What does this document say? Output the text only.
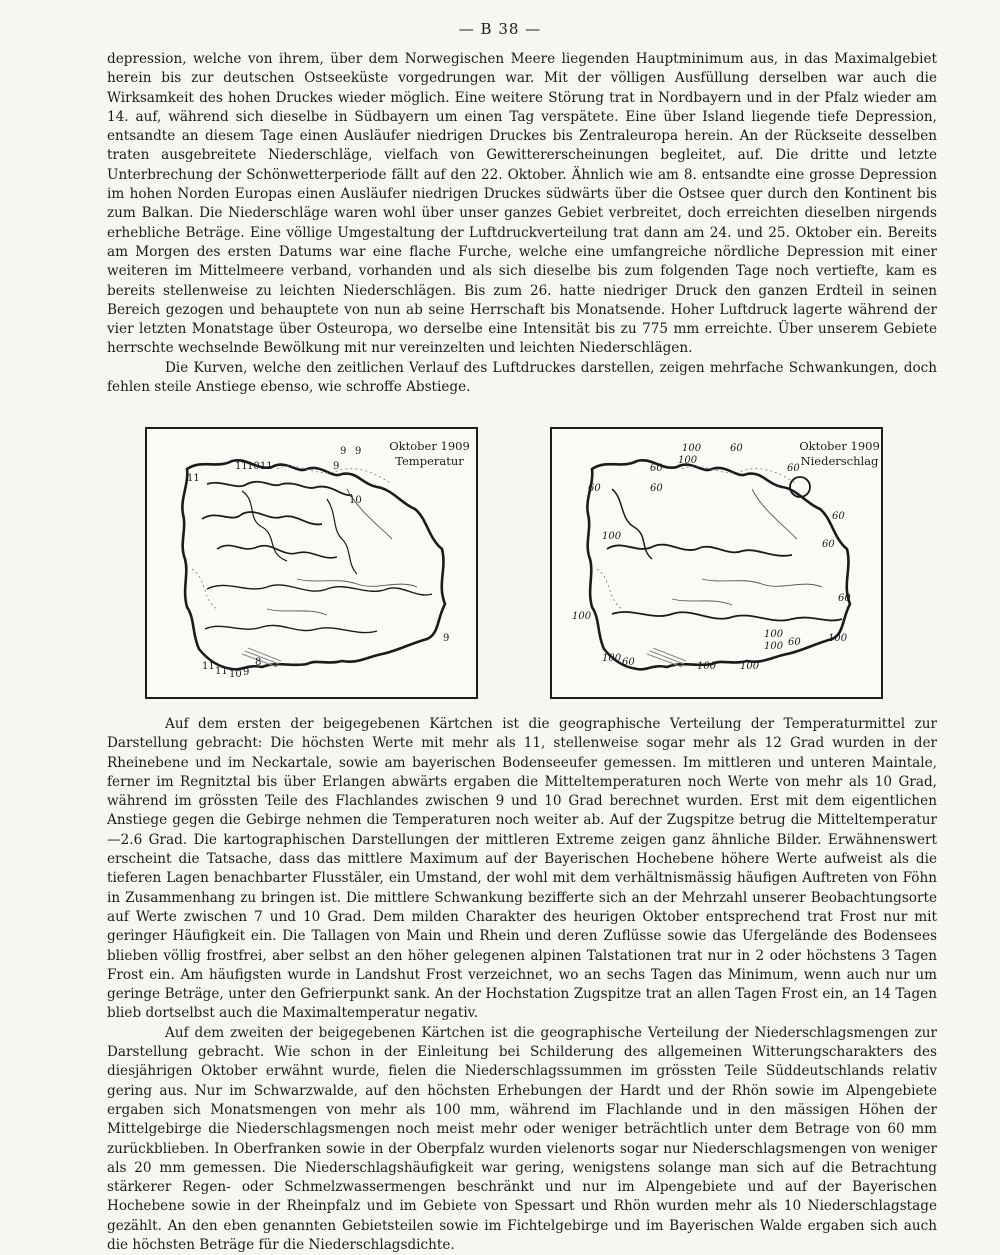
— B 38 —

depression, welche von ihrem, über dem Norwegischen Meere liegenden Hauptminimum aus, in das Maximalgebiet herein bis zur deutschen Ostseeküste vorgedrungen war. Mit der völligen Ausfüllung derselben war auch die Wirksamkeit des hohen Druckes wieder möglich. Eine weitere Störung trat in Nordbayern und in der Pfalz wieder am 14. auf, während sich dieselbe in Südbayern um einen Tag verspätete. Eine über Island liegende tiefe Depression, entsandte an diesem Tage einen Ausläufer niedrigen Druckes bis Zentraleuropa herein. An der Rückseite desselben traten ausgebreitete Niederschläge, vielfach von Gewittererscheinungen begleitet, auf. Die dritte und letzte Unterbrechung der Schönwetterperiode fällt auf den 22. Oktober. Ähnlich wie am 8. entsandte eine grosse Depression im hohen Norden Europas einen Ausläufer niedrigen Druckes südwärts über die Ostsee quer durch den Kontinent bis zum Balkan. Die Niederschläge waren wohl über unser ganzes Gebiet verbreitet, doch erreichten dieselben nirgends erhebliche Beträge. Eine völlige Umgestaltung der Luftdruckverteilung trat dann am 24. und 25. Oktober ein. Bereits am Morgen des ersten Datums war eine flache Furche, welche eine umfangreiche nördliche Depression mit einer weiteren im Mittelmeere verband, vorhanden und als sich dieselbe bis zum folgenden Tage noch vertiefte, kam es bereits stellenweise zu leichten Niederschlägen. Bis zum 26. hatte niedriger Druck den ganzen Erdteil in seinen Bereich gezogen und behauptete von nun ab seine Herrschaft bis Monatsende. Hoher Luftdruck lagerte während der vier letzten Monatstage über Osteuropa, wo derselbe eine Intensität bis zu 775 mm erreichte. Über unserem Gebiete herrschte wechselnde Bewölkung mit nur vereinzelten und leichten Niederschlägen.

Die Kurven, welche den zeitlichen Verlauf des Luftdruckes darstellen, zeigen mehrfache Schwankungen, doch fehlen steile Anstiege ebenso, wie schroffe Abstiege.

9 9
9
10
11
11
10 11
9
11 11 10 9
8
Oktober 1909
Temperatur
100
100
60
60
60	60
60
100
60
60
60
100
100
100 60	100
100 60	100 100
Oktober 1909
Niederschlag

Auf dem ersten der beigegebenen Kärtchen ist die geographische Verteilung der Temperaturmittel zur Darstellung gebracht: Die höchsten Werte mit mehr als 11, stellenweise sogar mehr als 12 Grad wurden in der Rheinebene und im Neckartale, sowie am bayerischen Bodenseeufer gemessen. Im mittleren und unteren Maintale, ferner im Regnitztal bis über Erlangen abwärts ergaben die Mitteltemperaturen noch Werte von mehr als 10 Grad, während im grössten Teile des Flachlandes zwischen 9 und 10 Grad berechnet wurden. Erst mit dem eigentlichen Anstiege gegen die Gebirge nehmen die Temperaturen noch weiter ab. Auf der Zugspitze betrug die Mitteltemperatur —2.6 Grad. Die kartographischen Darstellungen der mittleren Extreme zeigen ganz ähnliche Bilder. Erwähnenswert erscheint die Tatsache, dass das mittlere Maximum auf der Bayerischen Hochebene höhere Werte aufweist als die tieferen Lagen benachbarter Flusstäler, ein Umstand, der wohl mit dem verhältnismässig häufigen Auftreten von Föhn in Zusammenhang zu bringen ist. Die mittlere Schwankung bezifferte sich an der Mehrzahl unserer Beobachtungsorte auf Werte zwischen 7 und 10 Grad. Dem milden Charakter des heurigen Oktober entsprechend trat Frost nur mit geringer Häufigkeit ein. Die Tallagen von Main und Rhein und deren Zuflüsse sowie das Ufergelände des Bodensees blieben völlig frostfrei, aber selbst an den höher gelegenen alpinen Talstationen trat nur in 2 oder höchstens 3 Tagen Frost ein. Am häufigsten wurde in Landshut Frost verzeichnet, wo an sechs Tagen das Minimum, wenn auch nur um geringe Beträge, unter den Gefrierpunkt sank. An der Hochstation Zugspitze trat an allen Tagen Frost ein, an 14 Tagen blieb dortselbst auch die Maximaltemperatur negativ.

Auf dem zweiten der beigegebenen Kärtchen ist die geographische Verteilung der Niederschlagsmengen zur Darstellung gebracht. Wie schon in der Einleitung bei Schilderung des allgemeinen Witterungscharakters des diesjährigen Oktober erwähnt wurde, fielen die Niederschlagssummen im grössten Teile Süddeutschlands relativ gering aus. Nur im Schwarzwalde, auf den höchsten Erhebungen der Hardt und der Rhön sowie im Alpengebiete ergaben sich Monatsmengen von mehr als 100 mm, während im Flachlande und in den mässigen Höhen der Mittelgebirge die Niederschlagsmengen noch meist mehr oder weniger beträchtlich unter dem Betrage von 60 mm zurückblieben. In Oberfranken sowie in der Oberpfalz wurden vielenorts sogar nur Niederschlagsmengen von weniger als 20 mm gemessen. Die Niederschlagshäufigkeit war gering, wenigstens solange man sich auf die Betrachtung stärkerer Regen- oder Schmelzwassermengen beschränkt und nur im Alpengebiete und auf der Bayerischen Hochebene sowie in der Rheinpfalz und im Gebiete von Spessart und Rhön wurden mehr als 10 Niederschlagstage gezählt. An den eben genannten Gebietsteilen sowie im Fichtelgebirge und im Bayerischen Walde ergaben sich auch die höchsten Beträge für die Niederschlagsdichte.
